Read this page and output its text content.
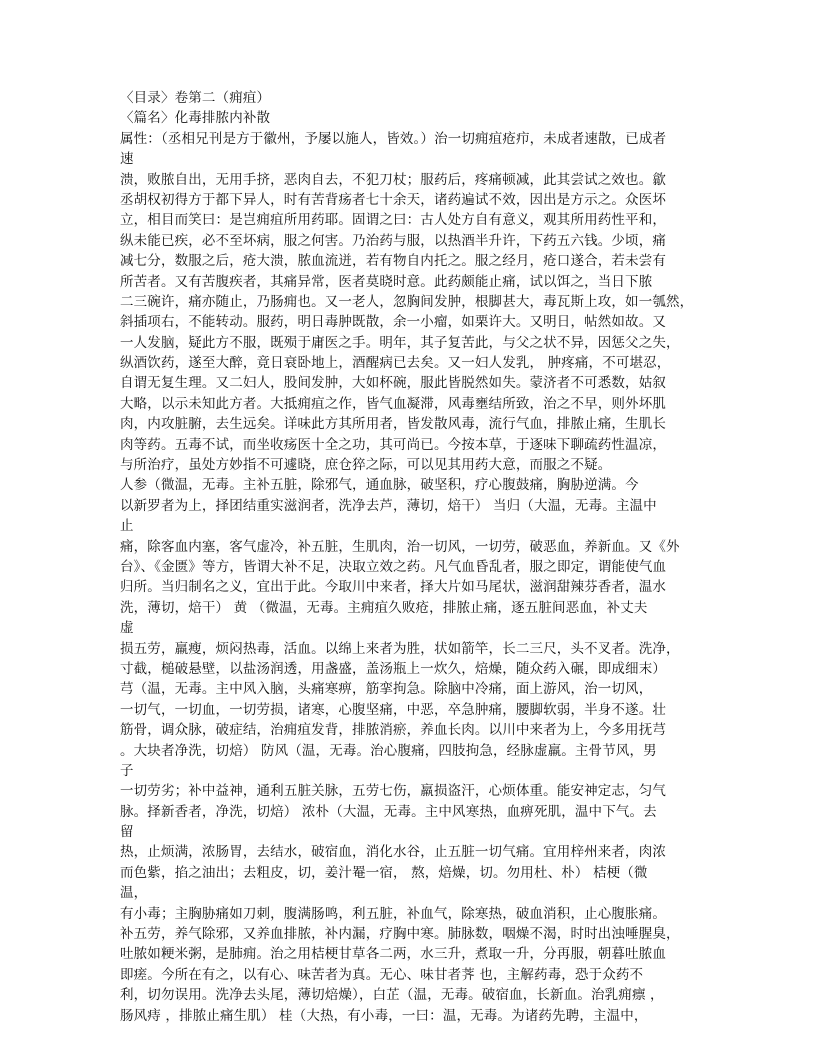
〈目录〉卷第二（痈疽）
〈篇名〉化毒排脓内补散
属性：（丞相兄刊是方于徽州，予屡以施人，皆效。）治一切痈疽疮疖，未成者速散，已成者
速
溃，败脓自出，无用手挤，恶肉自去，不犯刀杖；服药后，疼痛顿减，此其尝试之效也。歙
丞胡权初得方于都下异人，时有苦背疡者七十余天，诸药遍试不效，因出是方示之。众医坏
立，相目而笑曰：是岂痈疽所用药耶。固谓之曰：古人处方自有意义，观其所用药性平和，
纵未能已疾，必不至坏病，服之何害。乃治药与服，以热酒半升许，下药五六钱。少顷，痛
减七分，数服之后，疮大溃，脓血流迸，若有物自内托之。服之经月，疮口遂合，若未尝有
所苦者。又有苦腹疾者，其痛异常，医者莫晓时意。此药颇能止痛，试以饵之，当日下脓
二三碗许，痛亦随止，乃肠痈也。又一老人，忽胸间发肿，根脚甚大，毒瓦斯上攻，如一瓠然，
斜插项右，不能转动。服药，明日毒肿既散，余一小瘤，如栗许大。又明日，帖然如故。又
一人发脑，疑此方不服，既殒于庸医之手。明年，其子复苦此，与父之状不异，因惩父之失，
纵酒饮药，遂至大醉，竟日衰卧地上，酒醒病已去矣。又一妇人发乳， 肿疼痛，不可堪忍，
自谓无复生理。又二妇人，股间发肿，大如杯碗，服此皆脱然如失。蒙济者不可悉数，姑叙
大略，以示未知此方者。大抵痈疽之作，皆气血凝滞，风毒壅结所致，治之不早，则外坏肌
肉，内攻脏腑，去生远矣。详味此方其所用者，皆发散风毒，流行气血，排脓止痛，生肌长
肉等药。五毒不试，而坐收疡医十全之功，其可尚已。今按本草，于逐味下聊疏药性温凉，
与所治疗，虽处方妙指不可遽晓，庶仓猝之际，可以见其用药大意，而服之不疑。
人参（微温，无毒。主补五脏，除邪气，通血脉，破坚积，疗心腹鼓痛，胸胁逆满。今
以新罗者为上，择团结重实滋润者，洗净去芦，薄切，焙干） 当归（大温，无毒。主温中
止
痛，除客血内塞，客气虚冷，补五脏，生肌肉，治一切风，一切劳，破恶血，养新血。又《外
台》、《金匮》等方，皆谓大补不足，决取立效之药。凡气血昏乱者，服之即定，谓能使气血
归所。当归制名之义，宜出于此。今取川中来者，择大片如马尾状，滋润甜辣芬香者，温水
洗，薄切，焙干） 黄 （微温，无毒。主痈疽久败疮，排脓止痛，逐五脏间恶血，补丈夫
虚
损五劳，羸瘦，烦闷热毒，活血。以绵上来者为胜，状如箭竿，长二三尺，头不叉者。洗净，
寸截，槌破悬壁，以盐汤润透，用盏盛，盖汤瓶上一炊久，焙燥，随众药入碾，即成细末）
芎（温，无毒。主中风入脑，头痛寒痹，筋挛拘急。除脑中冷痛，面上游风，治一切风，
一切气，一切血，一切劳损，诸寒，心腹坚痛，中恶，卒急肿痛，腰脚软弱，半身不遂。壮
筋骨，调众脉，破症结，治痈疽发背，排脓消瘀，养血长肉。以川中来者为上，今多用抚芎
。大块者净洗，切焙） 防风（温，无毒。治心腹痛，四肢拘急，经脉虚羸。主骨节风，男
子
一切劳劣；补中益神，通利五脏关脉，五劳七伤，羸损盗汗，心烦体重。能安神定志，匀气
脉。择新香者，净洗，切焙） 浓朴（大温，无毒。主中风寒热，血痹死肌，温中下气。去
留
热，止烦满，浓肠胃，去结水，破宿血，消化水谷，止五脏一切气痛。宜用梓州来者，肉浓
而色紫，掐之油出；去粗皮，切，姜汁罨一宿， 熬，焙燥，切。勿用杜、朴） 桔梗（微
温，
有小毒；主胸胁痛如刀刺，腹满肠鸣，利五脏，补血气，除寒热，破血消积，止心腹胀痛。
补五劳，养气除邪，又养血排脓，补内漏，疗胸中寒。肺脉数，咽燥不渴，时时出浊唾腥臭，
吐脓如粳米粥，是肺痈。治之用桔梗甘草各二两，水三升，煮取一升，分再服，朝暮吐脓血
即瘥。今所在有之，以有心、味苦者为真。无心、味甘者荠 也，主解药毒，恐于众药不
利，切勿误用。洗净去头尾，薄切焙燥），白芷（温，无毒。破宿血，长新血。治乳痈瘭 ，
肠风痔 ，排脓止痛生肌） 桂（大热，有小毒，一曰：温，无毒。为诸药先聘，主温中，
